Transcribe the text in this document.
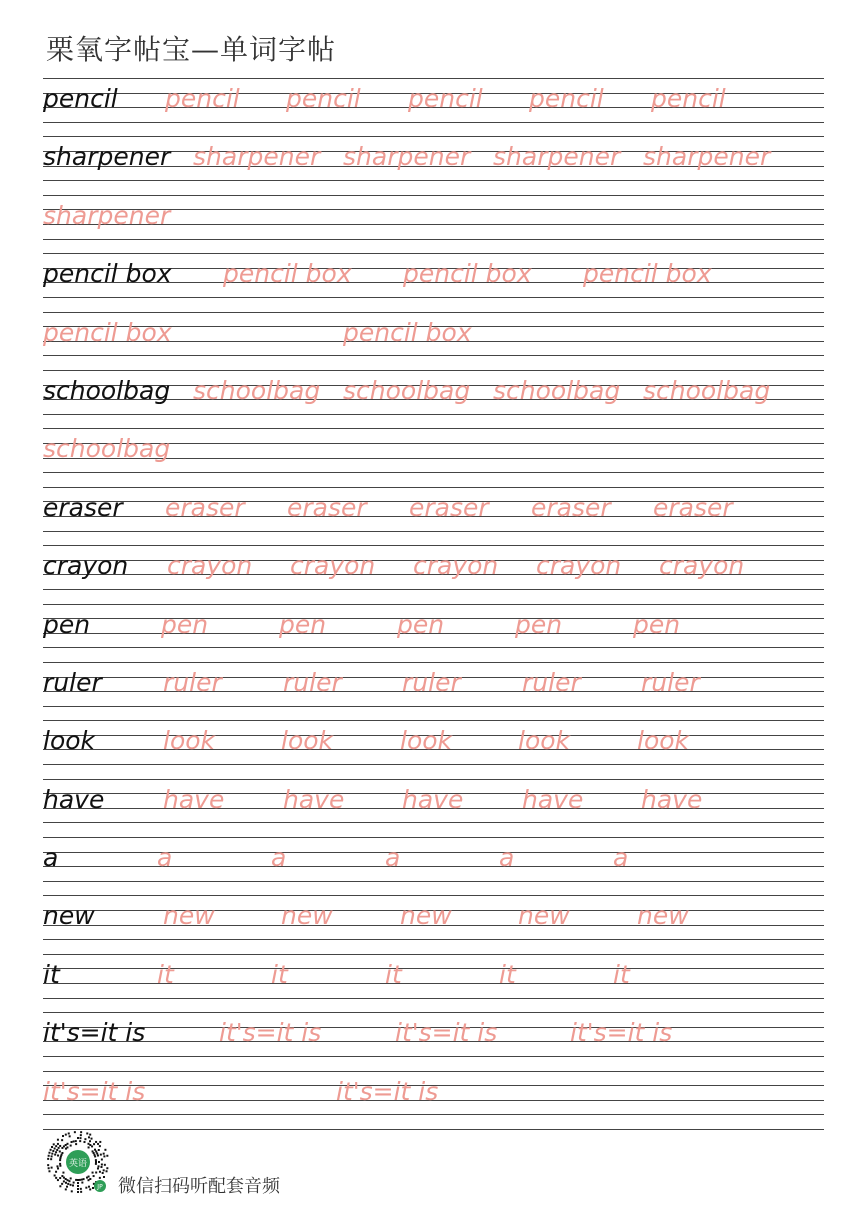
栗氧字帖宝—单词字帖
pencil pencil pencil pencil pencil pencil
sharpener sharpener sharpener sharpener sharpener
sharpener
pencil box pencil box pencil box pencil box
pencil box	pencil box
schoolbag schoolbag schoolbag schoolbag schoolbag
schoolbag
eraser eraser eraser eraser eraser eraser
crayon crayon crayon crayon crayon crayon
pen	pen	pen	pen	pen	pen
ruler ruler ruler ruler ruler ruler
look	look	look	look	look	look
have have have have have have
a	a	a	a	a	a
new	new	new	new	new	new
it	it	it	it	it	it
it's=it is	it's=it is	it's=it is	it's=it is
it's=it is	it's=it is
英语
JP 微信扫码听配套音频
